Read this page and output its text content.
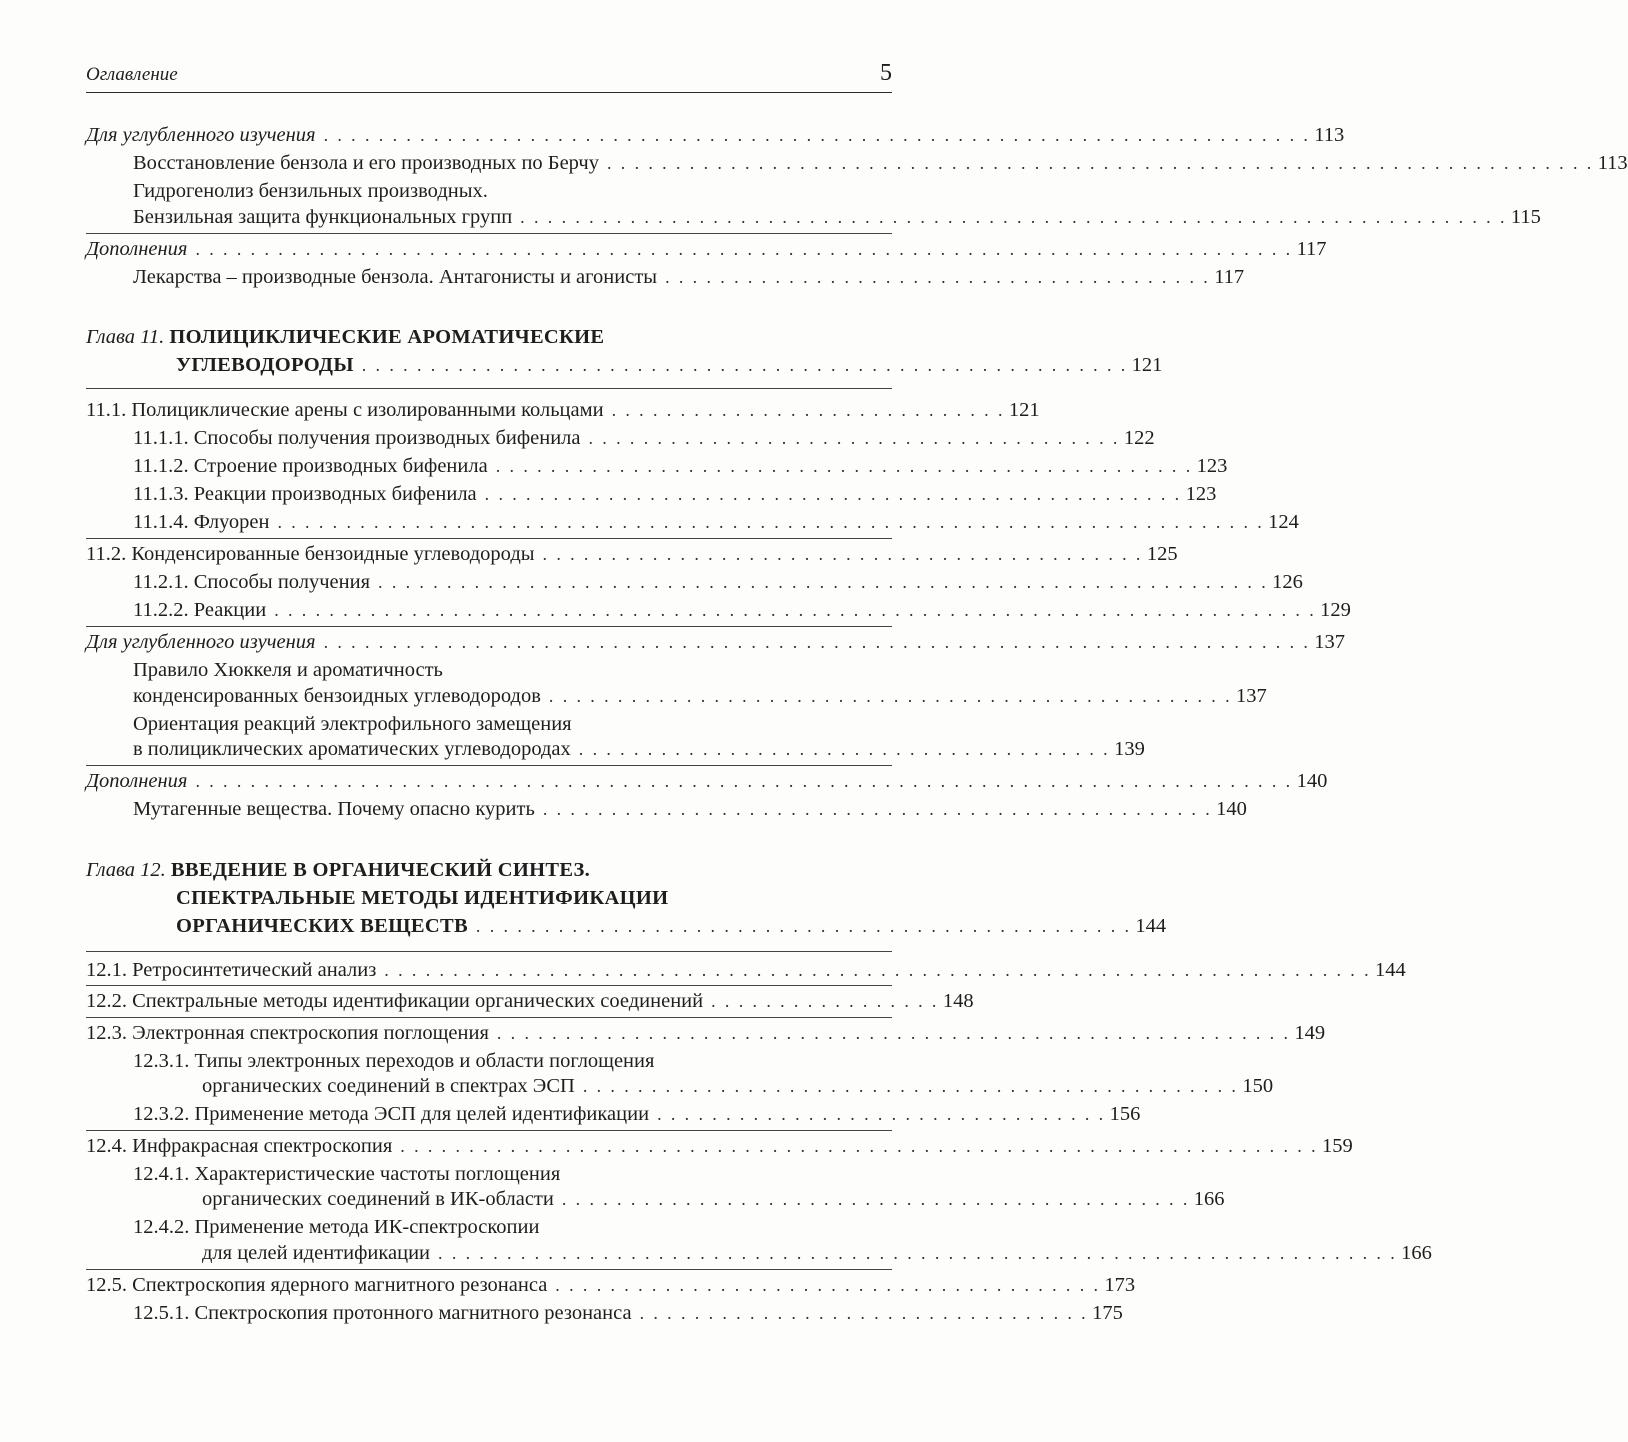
Оглавление	5
Для углубленного изучения . . . . . . . . . . . . . . . . . . . . . . . . . . . . . . . . . . . . . . . . . . . . . . . . . . . . . . . . . . . . . . . . . . . . . . . . 113
Восстановление бензола и его производных по Берчу . . . . . . . . . . . . . . . . . . . . . . . . . . . . . . . . . . . . . . . . . . . . . . . . . . . . . . . . . . . . . . . . . . . . . . . . 113
Гидрогенолиз бензильных производных.
Бензильная защита функциональных групп . . . . . . . . . . . . . . . . . . . . . . . . . . . . . . . . . . . . . . . . . . . . . . . . . . . . . . . . . . . . . . . . . . . . . . . . 115
Дополнения . . . . . . . . . . . . . . . . . . . . . . . . . . . . . . . . . . . . . . . . . . . . . . . . . . . . . . . . . . . . . . . . . . . . . . . . . . . . . . . . 117
Лекарства – производные бензола. Антагонисты и агонисты . . . . . . . . . . . . . . . . . . . . . . . . . . . . . . . . . . . . . . . . 117
Глава 11. ПОЛИЦИКЛИЧЕСКИЕ АРОМАТИЧЕСКИЕ
УГЛЕВОДОРОДЫ . . . . . . . . . . . . . . . . . . . . . . . . . . . . . . . . . . . . . . . . . . . . . . . . . . . . . . . . 121
11.1. Полициклические арены с изолированными кольцами . . . . . . . . . . . . . . . . . . . . . . . . . . . . . 121
11.1.1. Способы получения производных бифенила . . . . . . . . . . . . . . . . . . . . . . . . . . . . . . . . . . . . . . . 122
11.1.2. Строение производных бифенила . . . . . . . . . . . . . . . . . . . . . . . . . . . . . . . . . . . . . . . . . . . . . . . . . . . 123
11.1.3. Реакции производных бифенила . . . . . . . . . . . . . . . . . . . . . . . . . . . . . . . . . . . . . . . . . . . . . . . . . . . 123
11.1.4. Флуорен . . . . . . . . . . . . . . . . . . . . . . . . . . . . . . . . . . . . . . . . . . . . . . . . . . . . . . . . . . . . . . . . . . . . . . . . 124
11.2. Конденсированные бензоидные углеводороды . . . . . . . . . . . . . . . . . . . . . . . . . . . . . . . . . . . . . . . . . . . . 125
11.2.1. Способы получения . . . . . . . . . . . . . . . . . . . . . . . . . . . . . . . . . . . . . . . . . . . . . . . . . . . . . . . . . . . . . . . . . 126
11.2.2. Реакции . . . . . . . . . . . . . . . . . . . . . . . . . . . . . . . . . . . . . . . . . . . . . . . . . . . . . . . . . . . . . . . . . . . . . . . . . . . . 129
Для углубленного изучения . . . . . . . . . . . . . . . . . . . . . . . . . . . . . . . . . . . . . . . . . . . . . . . . . . . . . . . . . . . . . . . . . . . . . . . . 137
Правило Хюккеля и ароматичность
конденсированных бензоидных углеводородов . . . . . . . . . . . . . . . . . . . . . . . . . . . . . . . . . . . . . . . . . . . . . . . . . . 137
Ориентация реакций электрофильного замещения
в полициклических ароматических углеводородах . . . . . . . . . . . . . . . . . . . . . . . . . . . . . . . . . . . . . . . 139
Дополнения . . . . . . . . . . . . . . . . . . . . . . . . . . . . . . . . . . . . . . . . . . . . . . . . . . . . . . . . . . . . . . . . . . . . . . . . . . . . . . . . 140
Мутагенные вещества. Почему опасно курить . . . . . . . . . . . . . . . . . . . . . . . . . . . . . . . . . . . . . . . . . . . . . . . . . 140
Глава 12. ВВЕДЕНИЕ В ОРГАНИЧЕСКИЙ СИНТЕЗ.
СПЕКТРАЛЬНЫЕ МЕТОДЫ ИДЕНТИФИКАЦИИ
ОРГАНИЧЕСКИХ ВЕЩЕСТВ . . . . . . . . . . . . . . . . . . . . . . . . . . . . . . . . . . . . . . . . . . . . . . . . 144
12.1. Ретросинтетический анализ . . . . . . . . . . . . . . . . . . . . . . . . . . . . . . . . . . . . . . . . . . . . . . . . . . . . . . . . . . . . . . . . . . . . . . . . 144
12.2. Спектральные методы идентификации органических соединений . . . . . . . . . . . . . . . . . 148
12.3. Электронная спектроскопия поглощения . . . . . . . . . . . . . . . . . . . . . . . . . . . . . . . . . . . . . . . . . . . . . . . . . . . . . . . . . . 149
12.3.1. Типы электронных переходов и области поглощения
органических соединений в спектрах ЭСП . . . . . . . . . . . . . . . . . . . . . . . . . . . . . . . . . . . . . . . . . . . . . . . . 150
12.3.2. Применение метода ЭСП для целей идентификации . . . . . . . . . . . . . . . . . . . . . . . . . . . . . . . . . 156
12.4. Инфракрасная спектроскопия . . . . . . . . . . . . . . . . . . . . . . . . . . . . . . . . . . . . . . . . . . . . . . . . . . . . . . . . . . . . . . . . . . . 159
12.4.1. Характеристические частоты поглощения
органических соединений в ИК-области . . . . . . . . . . . . . . . . . . . . . . . . . . . . . . . . . . . . . . . . . . . . . . 166
12.4.2. Применение метода ИК-спектроскопии
для целей идентификации . . . . . . . . . . . . . . . . . . . . . . . . . . . . . . . . . . . . . . . . . . . . . . . . . . . . . . . . . . . . . . . . . . . . . . 166
12.5. Спектроскопия ядерного магнитного резонанса . . . . . . . . . . . . . . . . . . . . . . . . . . . . . . . . . . . . . . . . 173
12.5.1. Спектроскопия протонного магнитного резонанса . . . . . . . . . . . . . . . . . . . . . . . . . . . . . . . . . 175
